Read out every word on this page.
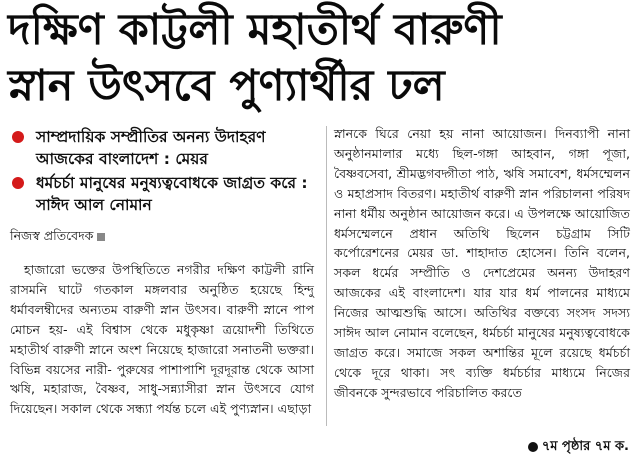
দক্ষিণ কাট্টলী মহাতীর্থ বারুণী
স্নান উৎসবে পুণ্যার্থীর ঢল
সাম্প্রদায়িক সম্প্রীতির অনন্য উদাহরণ আজকের বাংলাদেশ : মেয়র
ধর্মচর্চা মানুষের মনুষ্যত্ববোধকে জাগ্রত করে : সাঈদ আল নোমান
নিজস্ব প্রতিবেদক
হাজারো ভক্তের উপস্থিতিতে নগরীর দক্ষিণ কাট্টলী রানি রাসমনি ঘাটে গতকাল মঙ্গলবার অনুষ্ঠিত হয়েছে হিন্দু ধর্মাবলম্বীদের অন্যতম বারুণী স্নান উৎসব। বারুণী স্নানে পাপ মোচন হয়- এই বিশ্বাস থেকে মধুকৃষ্ণা ত্রয়োদশী তিথিতে মহাতীর্থ বারুণী স্নানে অংশ নিয়েছে হাজারো সনাতনী ভক্তরা। বিভিন্ন বয়সের নারী- পুরুষের পাশাপাশি দূরদূরান্ত থেকে আসা ঋষি, মহারাজ, বৈষ্ণব, সাধু-সন্ন্যাসীরা স্নান উৎসবে যোগ দিয়েছেন। সকাল থেকে সন্ধ্যা পর্যন্ত চলে এই পুণ্যস্নান। এছাড়া
স্নানকে ঘিরে নেয়া হয় নানা আয়োজন। দিনব্যাপী নানা অনুষ্ঠানমালার মধ্যে ছিল-গঙ্গা আহবান, গঙ্গা পূজা, বৈষ্ণবসেবা, শ্রীমদ্ভগবদ্গীতা পাঠ, ঋষি সমাবেশ, ধর্মসম্মেলন ও মহাপ্রসাদ বিতরণ। মহাতীর্থ বারুণী স্নান পরিচালনা পরিষদ নানা ধর্মীয় অনুষ্ঠান আয়োজন করে। এ উপলক্ষে আয়োজিত ধর্মসম্মেলনে প্রধান অতিথি ছিলেন চট্টগ্রাম সিটি কর্পোরেশনের মেয়র ডা. শাহাদাত হোসেন। তিনি বলেন, সকল ধর্মের সম্প্রীতি ও দেশপ্রেমের অনন্য উদাহরণ আজকের এই বাংলাদেশ। যার যার ধর্ম পালনের মাধ্যমে নিজের আত্মশুদ্ধি আসে। অতিথির বক্তব্যে সংসদ সদস্য সাঈদ আল নোমান বলেছেন, ধর্মচর্চা মানুষের মনুষ্যত্ববোধকে জাগ্রত করে। সমাজে সকল অশান্তির মূলে রয়েছে ধর্মচর্চা থেকে দূরে থাকা। সৎ ব্যক্তি ধর্মচর্চার মাধ্যমে নিজের জীবনকে সুন্দরভাবে পরিচালিত করতে
৭ম পৃষ্ঠার ৭ম ক.
